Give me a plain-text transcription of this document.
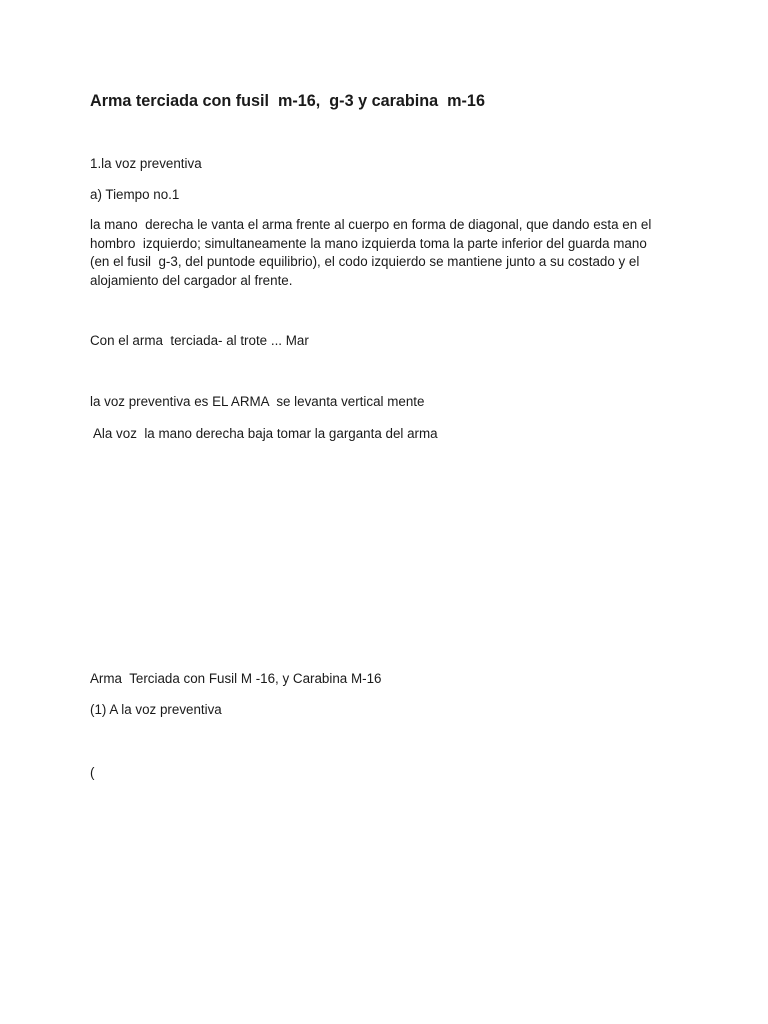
Arma terciada con fusil  m-16,  g-3 y carabina  m-16
1.la voz preventiva
a) Tiempo no.1
la mano  derecha le vanta el arma frente al cuerpo en forma de diagonal, que dando esta en el
hombro  izquierdo; simultaneamente la mano izquierda toma la parte inferior del guarda mano
(en el fusil  g-3, del puntode equilibrio), el codo izquierdo se mantiene junto a su costado y el
alojamiento del cargador al frente.
Con el arma  terciada- al trote ... Mar
la voz preventiva es EL ARMA  se levanta vertical mente
Ala voz  la mano derecha baja tomar la garganta del arma
Arma  Terciada con Fusil M -16, y Carabina M-16
(1) A la voz preventiva
(
